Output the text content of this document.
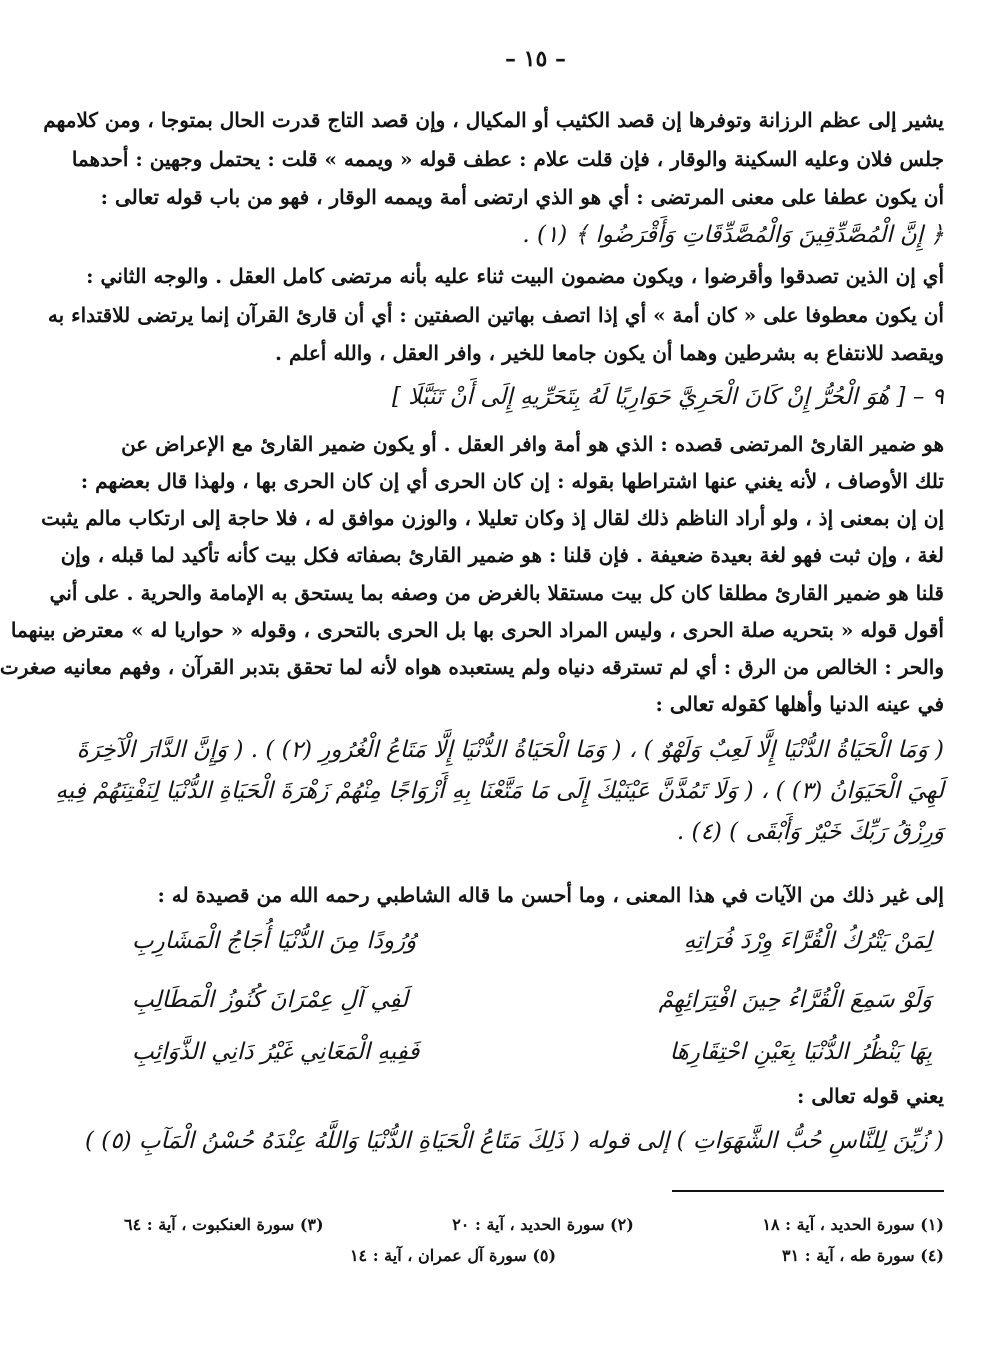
– ١٥ –
يشير إلى عظم الرزانة وتوفرها إن قصد الكثيب أو المكيال ، وإن قصد التاج قدرت الحال بمتوجا ، ومن كلامهم
جلس فلان وعليه السكينة والوقار ، فإن قلت علام : عطف قوله « ويممه » قلت : يحتمل وجهين : أحدهما
أن يكون عطفا على معنى المرتضى : أي هو الذي ارتضى أمة ويممه الوقار ، فهو من باب قوله تعالى :
﴿ إِنَّ الْمُصَّدِّقِينَ وَالْمُصَّدِّقَاتِ وَأَقْرَضُوا ﴾ (١) .
أي إن الذين تصدقوا وأقرضوا ، ويكون مضمون البيت ثناء عليه بأنه مرتضى كامل العقل . والوجه الثاني :
أن يكون معطوفا على « كان أمة » أي إذا اتصف بهاتين الصفتين : أي أن قارئ القرآن إنما يرتضى للاقتداء به
ويقصد للانتفاع به بشرطين وهما أن يكون جامعا للخير ، وافر العقل ، والله أعلم .
٩ – [ هُوَ الْحُرُّ إِنْ كَانَ الْحَرِيَّ حَوَارِيًا لَهُ بِتَحَرِّيهِ إِلَى أَنْ تَنَبَّلَا ]
هو ضمير القارئ المرتضى قصده : الذي هو أمة وافر العقل . أو يكون ضمير القارئ مع الإعراض عن
تلك الأوصاف ، لأنه يغني عنها اشتراطها بقوله : إن كان الحرى أي إن كان الحرى بها ، ولهذا قال بعضهم :
إن إن بمعنى إذ ، ولو أراد الناظم ذلك لقال إذ وكان تعليلا ، والوزن موافق له ، فلا حاجة إلى ارتكاب مالم يثبت
لغة ، وإن ثبت فهو لغة بعيدة ضعيفة . فإن قلنا : هو ضمير القارئ بصفاته فكل بيت كأنه تأكيد لما قبله ، وإن
قلنا هو ضمير القارئ مطلقا كان كل بيت مستقلا بالغرض من وصفه بما يستحق به الإمامة والحرية . على أني
أقول قوله « بتحريه صلة الحرى ، وليس المراد الحرى بها بل الحرى بالتحرى ، وقوله « حواريا له » معترض بينهما
والحر : الخالص من الرق : أي لم تسترقه دنياه ولم يستعبده هواه لأنه لما تحقق بتدبر القرآن ، وفهم معانيه صغرت
في عينه الدنيا وأهلها كقوله تعالى :
( وَمَا الْحَيَاةُ الدُّنْيَا إِلَّا لَعِبٌ وَلَهْوٌ ) ، ( وَمَا الْحَيَاةُ الدُّنْيَا إِلَّا مَتَاعُ الْغُرُورِ (٢) ) . ( وَإِنَّ الدَّارَ الْآخِرَةَ
لَهِيَ الْحَيَوَانُ (٣) ) ، ( وَلَا تَمُدَّنَّ عَيْنَيْكَ إِلَى مَا مَتَّعْنَا بِهِ أَزْوَاجًا مِنْهُمْ زَهْرَةَ الْحَيَاةِ الدُّنْيَا لِنَفْتِنَهُمْ فِيهِ
وَرِزْقُ رَبِّكَ خَيْرٌ وَأَبْقَى ) (٤) .
إلى غير ذلك من الآيات في هذا المعنى ، وما أحسن ما قاله الشاطبي رحمه الله من قصيدة له :
لِمَنْ يَتْرُكُ الْقُرَّاءَ وِرْدَ فُرَاتِهِ
وُرُودًا مِنَ الدُّنْيَا أُجَاجُ الْمَشَارِبِ
وَلَوْ سَمِعَ الْقُرَّاءُ حِينَ افْتِرَائِهِمْ
لَفِي آلِ عِمْرَانَ كُنُوزُ الْمَطَالِبِ
بِهَا يَنْظُرُ الدُّنْيَا بِعَيْنِ احْتِقَارِهَا
فَفِيهِ الْمَعَانِي غَيْرُ دَانِي الذَّوَائِبِ
يعني قوله تعالى :
( زُيِّنَ لِلنَّاسِ حُبُّ الشَّهَوَاتِ ) إلى قوله ( ذَلِكَ مَتَاعُ الْحَيَاةِ الدُّنْيَا وَاللَّهُ عِنْدَهُ حُسْنُ الْمَآبِ (٥) )
(١) سورة الحديد ، آية : ١٨
(٢) سورة الحديد ، آية : ٢٠
(٣) سورة العنكبوت ، آية : ٦٤
(٤) سورة طه ، آية : ٣١
(٥) سورة آل عمران ، آية : ١٤
